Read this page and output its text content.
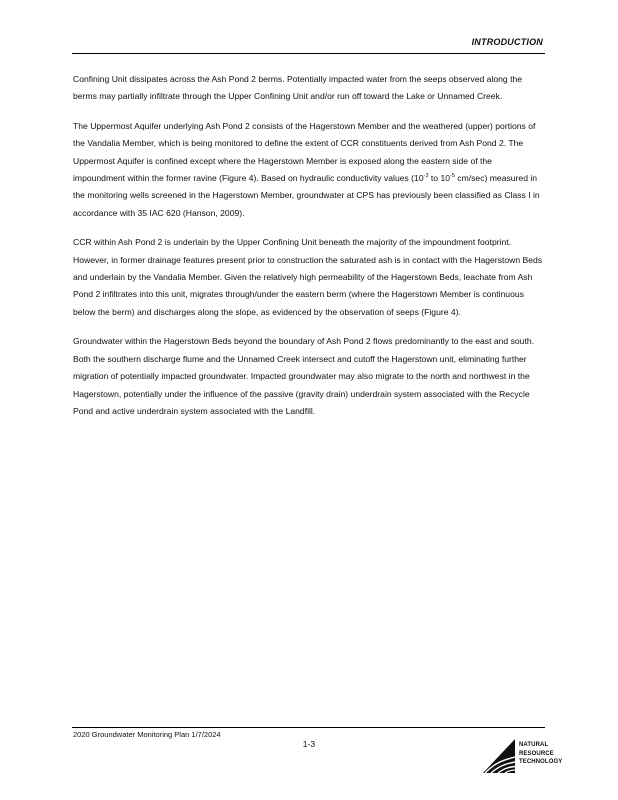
INTRODUCTION

Confining Unit dissipates across the Ash Pond 2 berms. Potentially impacted water from the seeps observed along the berms may partially infiltrate through the Upper Confining Unit and/or run off toward the Lake or Unnamed Creek.

The Uppermost Aquifer underlying Ash Pond 2 consists of the Hagerstown Member and the weathered (upper) portions of the Vandalia Member, which is being monitored to define the extent of CCR constituents derived from Ash Pond 2. The Uppermost Aquifer is confined except where the Hagerstown Member is exposed along the eastern side of the impoundment within the former ravine (Figure 4). Based on hydraulic conductivity values ($10^{-3}$ to $10^{-5}$ cm/sec) measured in the monitoring wells screened in the Hagerstown Member, groundwater at CPS has previously been classified as Class I in accordance with 35 IAC 620 (Hanson, 2009).

CCR within Ash Pond 2 is underlain by the Upper Confining Unit beneath the majority of the impoundment footprint. However, in former drainage features present prior to construction the saturated ash is in contact with the Hagerstown Beds and underlain by the Vandalia Member. Given the relatively high permeability of the Hagerstown Beds, leachate from Ash Pond 2 infiltrates into this unit, migrates through/under the eastern berm (where the Hagerstown Member is continuous below the berm) and discharges along the slope, as evidenced by the observation of seeps (Figure 4).

Groundwater within the Hagerstown Beds beyond the boundary of Ash Pond 2 flows predominantly to the east and south. Both the southern discharge flume and the Unnamed Creek intersect and cutoff the Hagerstown unit, eliminating further migration of potentially impacted groundwater. Impacted groundwater may also migrate to the north and northwest in the Hagerstown, potentially under the influence of the passive (gravity drain) underdrain system associated with the Recycle Pond and active underdrain system associated with the Landfill.

2020 Groundwater Monitoring Plan 1/7/2024
1-3	NATURAL
RESOURCE
TECHNOLOGY
